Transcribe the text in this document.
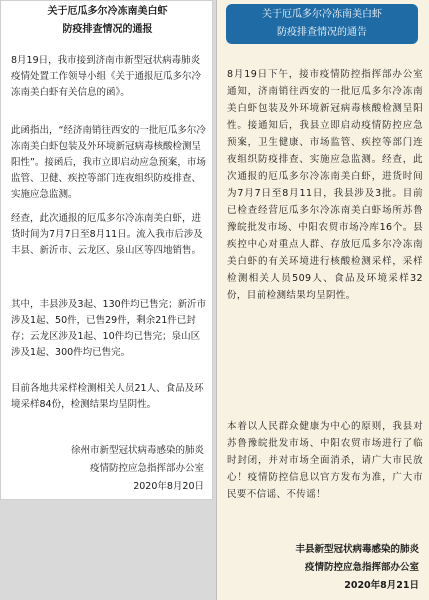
关于厄瓜多尔冷冻南美白虾

防疫排查情况的通报

8月19日，我市接到济南市新型冠状病毒肺炎疫情处置工作领导小组《关于通报厄瓜多尔冷冻南美白虾有关信息的函》。

此函指出，“经济南销往西安的一批厄瓜多尔冷冻南美白虾包装及外环境新冠病毒核酸检测呈阳性”。接函后，我市立即启动应急预案，市场监管、卫健、疾控等部门连夜组织防疫排查、实施应急监测。

经查，此次通报的厄瓜多尔冷冻南美白虾，进货时间为7月7日至8月11日。流入我市后涉及丰县、新沂市、云龙区、泉山区等四地销售。

其中，丰县涉及3起、130件均已售完；新沂市涉及1起、50件，已售29件，剩余21件已封存；云龙区涉及1起、10件均已售完；泉山区涉及1起、300件均已售完。

目前各地共采样检测相关人员21人、食品及环境采样84份，检测结果均呈阴性。

徐州市新型冠状病毒感染的肺炎

疫情防控应急指挥部办公室

2020年8月20日

关于厄瓜多尔冷冻南美白虾

防疫排查情况的通告

8月19日下午，接市疫情防控指挥部办公室通知，济南销往西安的一批厄瓜多尔冷冻南美白虾包装及外环境新冠病毒核酸检测呈阳性。接通知后，我县立即启动疫情防控应急预案，卫生健康、市场监管、疾控等部门连夜组织防疫排查、实施应急监测。经查，此次通报的厄瓜多尔冷冻南美白虾，进货时间为7月7日至8月11日，我县涉及3批。目前已检查经营厄瓜多尔冷冻南美白虾场所苏鲁豫皖批发市场、中阳农贸市场冷库16个。县疾控中心对重点人群、存放厄瓜多尔冷冻南美白虾的有关环境进行核酸检测采样，采样检测相关人员509人、食品及环境采样32份，目前检测结果均呈阴性。

本着以人民群众健康为中心的原则，我县对苏鲁豫皖批发市场、中阳农贸市场进行了临时封闭，并对市场全面消杀，请广大市民放心！疫情防控信息以官方发布为准，广大市民要不信谣、不传谣！

丰县新型冠状病毒感染的肺炎

疫情防控应急指挥部办公室

2020年8月21日
